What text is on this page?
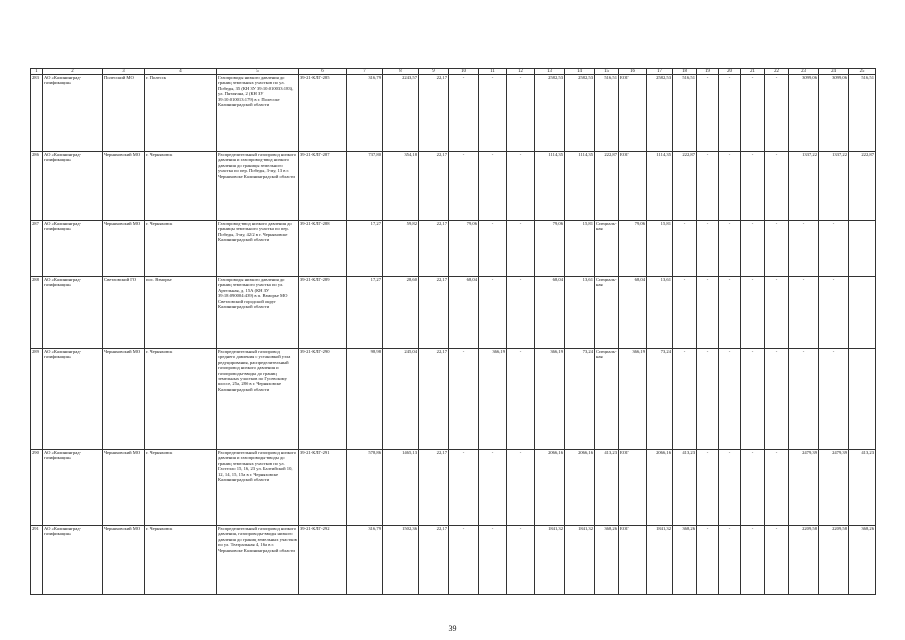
1	2	3	4	5	6	7	8	9	10	11	12	13	14	15	16	17	18	19	20	21	22	23	24	25
283	АО «Калининград-газификация»	Полесский МО	г. Полесск	Газопроводы низкого давления до границ земельных участков по ул. Победы, 35 (КН ЗУ 39:10:010033:183), ул. Пятлячна, 2 (КН ЗУ 39:10:010013:179) в г. Полесске Калининградской области	39-21-КЛГ-285	316,79	2243,57	22,17	-	-	-	2582,53	2582,53	516,51	ЕОГ	2582,53	516,51	-	-	-	-	3099,06	3099,06	516,51
286	АО «Калининград-газификация»	Черняховский МО	г. Черняховск	Распределительный газопровод низкого давления и газопровод-ввод низкого давления до границы земельного участка по пер. Победы, 3-му, 13 в г. Черняховске Калининградской области	39-21-КЛГ-287	737,80	354,18	22,17	-	-	-	1114,35	1114,35	222,87	ЕОГ	1114,35	222,87	-	-	-	-	1337,22	1337,22	222,87
287	АО «Калининград-газификация»	Черняховский МО	г. Черняховск	Газопровод-ввод низкого давления до границы земельного участка по пер. Победы, 3-му, 42/2 в г. Черняховске Калининградской области	39-21-КЛГ-288	17,27	59,82	22,17	79,06	-	-	79,06	15,81	Специаль-ная	79,06	15,81	-	-	-	-	-	-	-	
288	АО «Калининград-газификация»	Светловский ГО	пос. Взморье	Газопроводы низкого давления до границ земельного участка по ул. Артельная, д. 15А (КН ЗУ 39:18:090004:439) в п. Взморье МО Светловский городской округ Калининградской области	39-21-КЛГ-289	17,27	28,60	22,17	68,04	-	-	68,04	13,61	Специаль-ная	68,04	13,61	-	-	-	-	-	-	-	
289	АО «Калининград-газификация»	Черняховский МО	г. Черняховск	Распределительный газопровод среднего давления с установкой узла редуцирования, распределительный газопровод низкого давления и газопроводы-вводы до границ земельных участков по Гусевскому шоссе, 25а, 28б в г. Черняховске Калининградской области	39-21-КЛГ-290	98,98	245,04	22,17	-	366,19	-	366,19	73,24	Специаль-ная	366,19	73,24	-	-	-	-	-	-	-	
290	АО «Калининград-газификация»	Черняховский МО	г. Черняховск	Распределительный газопровод низкого давления и газопроводы-вводы до границ земельных участков по ул. Гастелло 15, 16, 23 ул. Балтийской 10, 12, 14, 15, 15а в г. Черняховске Калининградской области	39-21-КЛГ-291	578,86	1465,13	22,17	-	-	-	2066,16	2066,16	413,23	ЕОГ	2066,16	413,23	-	-	-	-	2479,39	2479,39	413,23
291	АО «Калининград-газификация»	Черняховский МО	г. Черняховск	Распределительный газопровод низкого давления, газопроводы-вводы низкого давления до границ земельных участков по ул. Театральная 4, 16а в г. Черняховске Калининградской области	39-21-КЛГ-292	316,79	1502,36	22,17	-	-	-	1841,32	1841,32	368,26	ЕОГ	1841,32	368,26	-	-	-	-	2209,58	2209,58	368,26
39
